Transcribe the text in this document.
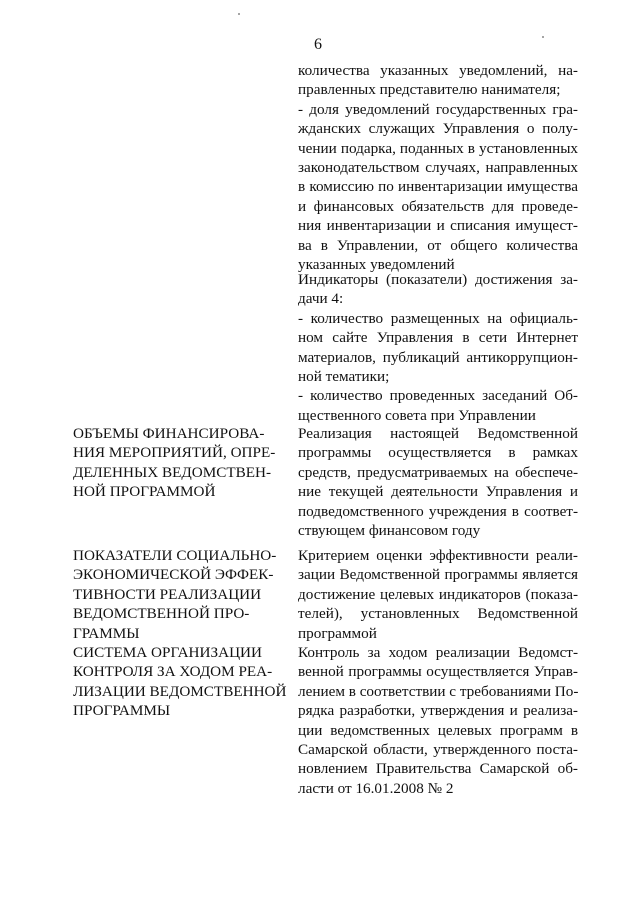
6
количества указанных уведомлений, на-
правленных представителю нанимателя;
- доля уведомлений государственных гра-
жданских служащих Управления о полу-
чении подарка, поданных в установленных
законодательством случаях, направленных
в комиссию по инвентаризации имущества
и финансовых обязательств для проведе-
ния инвентаризации и списания имущест-
ва в Управлении, от общего количества
указанных уведомлений
Индикаторы (показатели) достижения за-
дачи 4:
- количество размещенных на официаль-
ном сайте Управления в сети Интернет
материалов, публикаций антикоррупцион-
ной тематики;
- количество проведенных заседаний Об-
щественного совета при Управлении
ОБЪЕМЫ ФИНАНСИРОВА-
НИЯ МЕРОПРИЯТИЙ, ОПРЕ-
ДЕЛЕННЫХ ВЕДОМСТВЕН-
НОЙ ПРОГРАММОЙ
Реализация настоящей Ведомственной
программы осуществляется в рамках
средств, предусматриваемых на обеспече-
ние текущей деятельности Управления и
подведомственного учреждения в соответ-
ствующем финансовом году
ПОКАЗАТЕЛИ СОЦИАЛЬНО-
ЭКОНОМИЧЕСКОЙ ЭФФЕК-
ТИВНОСТИ РЕАЛИЗАЦИИ
ВЕДОМСТВЕННОЙ ПРО-
ГРАММЫ
СИСТЕМА ОРГАНИЗАЦИИ
КОНТРОЛЯ ЗА ХОДОМ РЕА-
ЛИЗАЦИИ ВЕДОМСТВЕННОЙ
ПРОГРАММЫ
Критерием оценки эффективности реали-
зации Ведомственной программы является
достижение целевых индикаторов (показа-
телей), установленных Ведомственной
программой
Контроль за ходом реализации Ведомст-
венной программы осуществляется Управ-
лением в соответствии с требованиями По-
рядка разработки, утверждения и реализа-
ции ведомственных целевых программ в
Самарской области, утвержденного поста-
новлением Правительства Самарской об-
ласти от 16.01.2008 № 2
